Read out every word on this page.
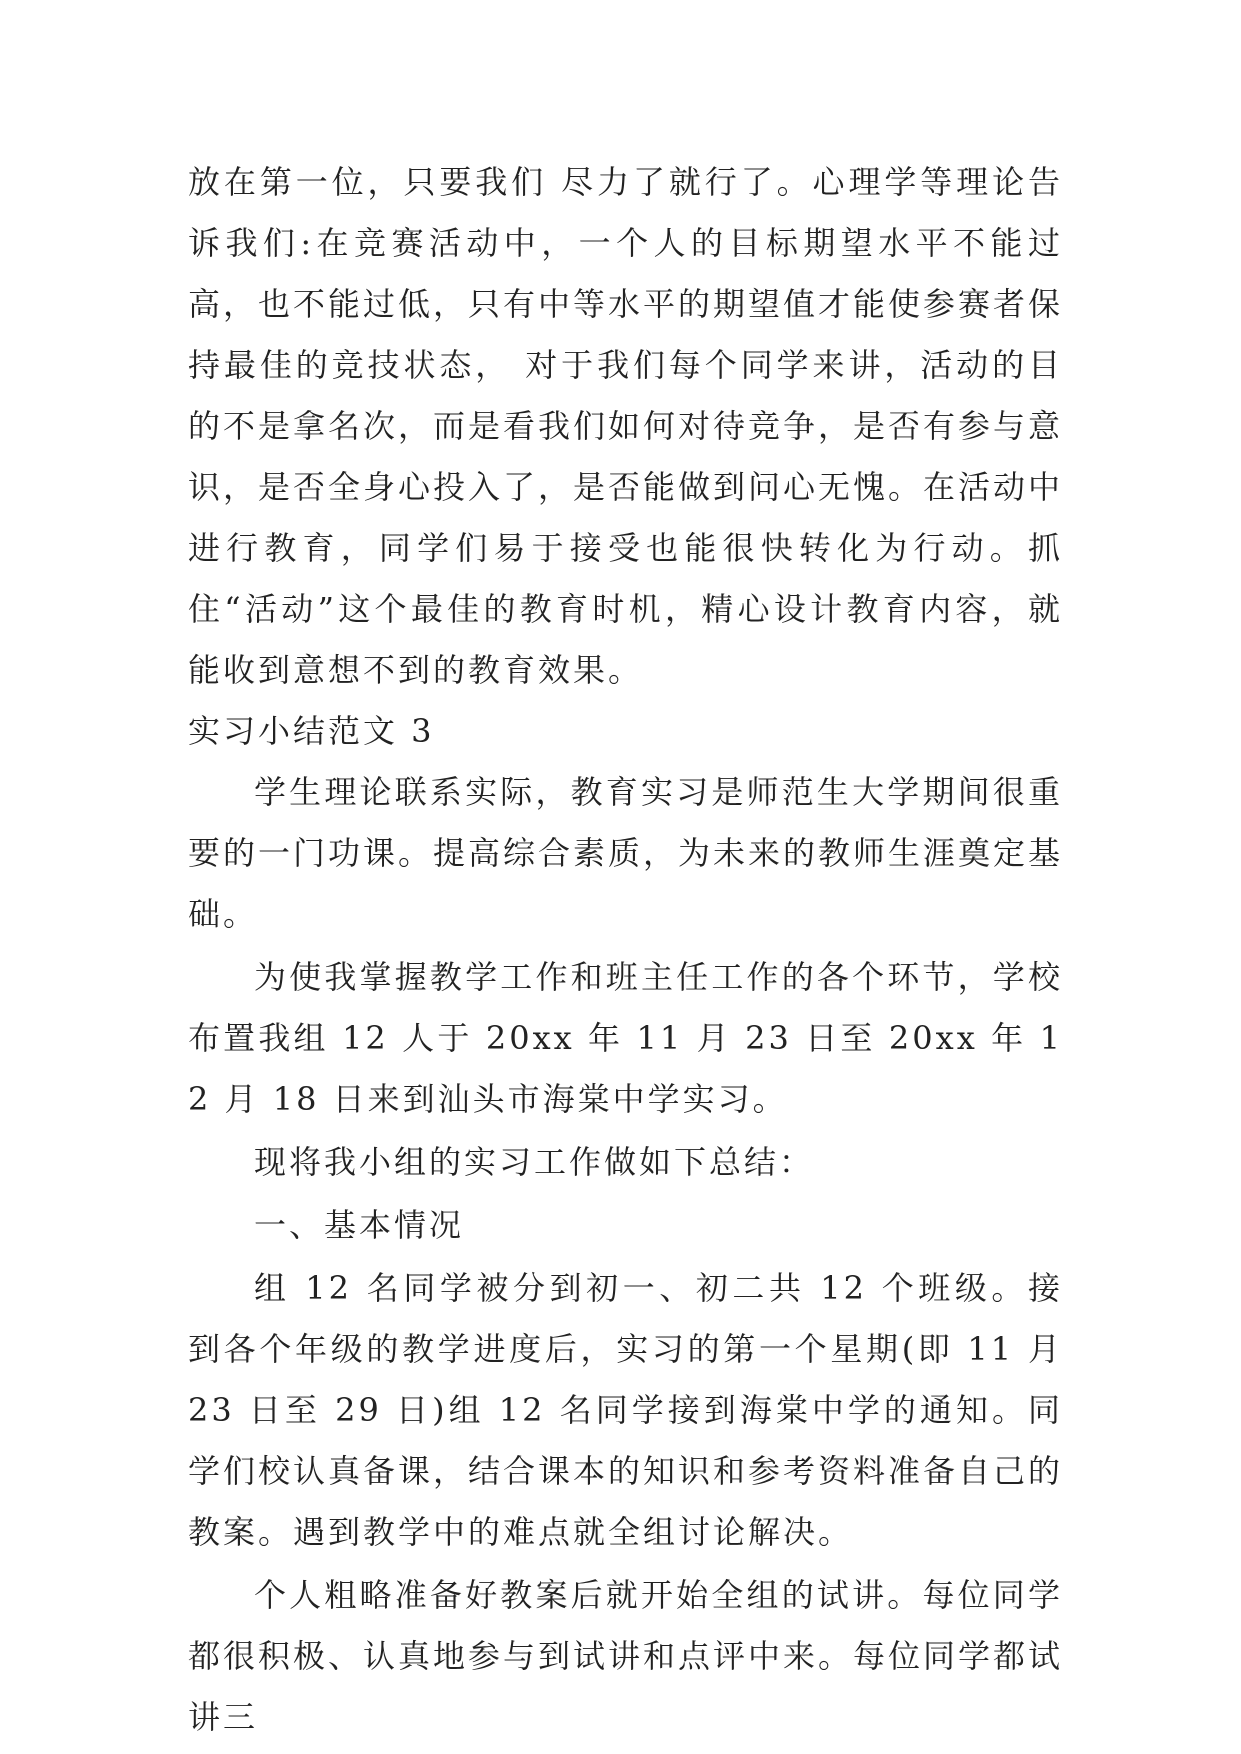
放在第一位，只要我们 尽力了就行了。心理学等理论告诉我们:在竞赛活动中，一个人的目标期望水平不能过高，也不能过低，只有中等水平的期望值才能使参赛者保持最佳的竞技状态， 对于我们每个同学来讲，活动的目的不是拿名次，而是看我们如何对待竞争，是否有参与意识，是否全身心投入了，是否能做到问心无愧。在活动中进行教育，同学们易于接受也能很快转化为行动。抓住“活动”这个最佳的教育时机，精心设计教育内容，就能收到意想不到的教育效果。

实习小结范文 3

学生理论联系实际，教育实习是师范生大学期间很重要的一门功课。提高综合素质，为未来的教师生涯奠定基础。

为使我掌握教学工作和班主任工作的各个环节，学校布置我组 12 人于 20xx 年 11 月 23 日至 20xx 年 12 月 18 日来到汕头市海棠中学实习。

现将我小组的实习工作做如下总结：

一、基本情况

组 12 名同学被分到初一、初二共 12 个班级。接到各个年级的教学进度后，实习的第一个星期(即 11 月 23 日至 29 日)组 12 名同学接到海棠中学的通知。同学们校认真备课，结合课本的知识和参考资料准备自己的教案。遇到教学中的难点就全组讨论解决。

个人粗略准备好教案后就开始全组的试讲。每位同学都很积极、认真地参与到试讲和点评中来。每位同学都试讲三
